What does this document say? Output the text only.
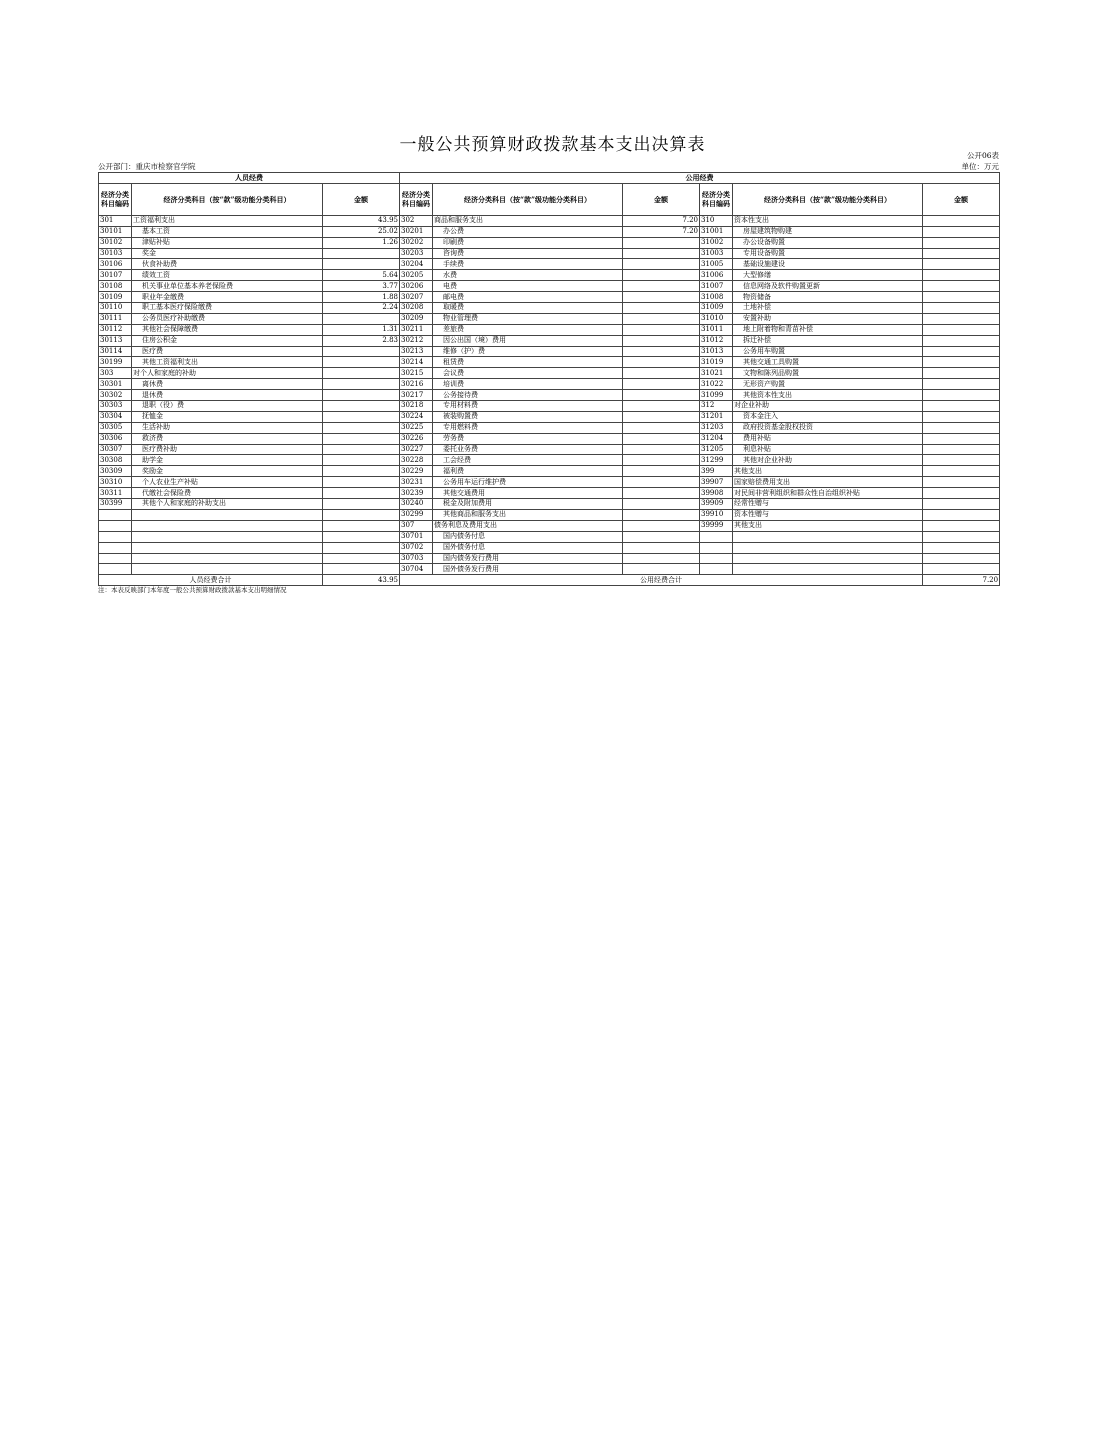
一般公共预算财政拨款基本支出决算表
公开06表
公开部门：重庆市检察官学院	单位：万元
人员经费			公用经费					
经济分类科目编码	经济分类科目（按“款”级功能分类科目）	金额	经济分类科目编码	经济分类科目（按“款”级功能分类科目）	金额	经济分类科目编码	经济分类科目（按“款”级功能分类科目）	金额
301	工资福利支出	43.95	302	商品和服务支出	7.20	310	资本性支出	
30101	基本工资	25.02	30201	办公费	7.20	31001	房屋建筑物购建	
30102	津贴补贴	1.26	30202	印刷费		31002	办公设备购置	
30103	奖金		30203	咨询费		31003	专用设备购置	
30106	伙食补助费		30204	手续费		31005	基础设施建设	
30107	绩效工资	5.64	30205	水费		31006	大型修缮	
30108	机关事业单位基本养老保险费	3.77	30206	电费		31007	信息网络及软件购置更新	
30109	职业年金缴费	1.88	30207	邮电费		31008	物资储备	
30110	职工基本医疗保险缴费	2.24	30208	取暖费		31009	土地补偿	
30111	公务员医疗补助缴费		30209	物业管理费		31010	安置补助	
30112	其他社会保障缴费	1.31	30211	差旅费		31011	地上附着物和青苗补偿	
30113	住房公积金	2.83	30212	因公出国（境）费用		31012	拆迁补偿	
30114	医疗费		30213	维修（护）费		31013	公务用车购置	
30199	其他工资福利支出		30214	租赁费		31019	其他交通工具购置	
303	对个人和家庭的补助		30215	会议费		31021	文物和陈列品购置	
30301	离休费		30216	培训费		31022	无形资产购置	
30302	退休费		30217	公务接待费		31099	其他资本性支出	
30303	退职（役）费		30218	专用材料费		312	对企业补助	
30304	抚恤金		30224	被装购置费		31201	资本金注入	
30305	生活补助		30225	专用燃料费		31203	政府投资基金股权投资	
30306	救济费		30226	劳务费		31204	费用补贴	
30307	医疗费补助		30227	委托业务费		31205	利息补贴	
30308	助学金		30228	工会经费		31299	其他对企业补助	
30309	奖励金		30229	福利费		399	其他支出	
30310	个人农业生产补贴		30231	公务用车运行维护费		39907	国家赔偿费用支出	
30311	代缴社会保险费		30239	其他交通费用		39908	对民间非营利组织和群众性自治组织补贴	
30399	其他个人和家庭的补助支出		30240	税金及附加费用		39909	经常性赠与	
			30299	其他商品和服务支出		39910	资本性赠与	
			307	债务利息及费用支出		39999	其他支出	
			30701	国内债务付息				
			30702	国外债务付息				
			30703	国内债务发行费用				
			30704	国外债务发行费用				
人员经费合计		43.95	公用经费合计					7.20
注：本表反映部门本年度一般公共预算财政拨款基本支出明细情况
